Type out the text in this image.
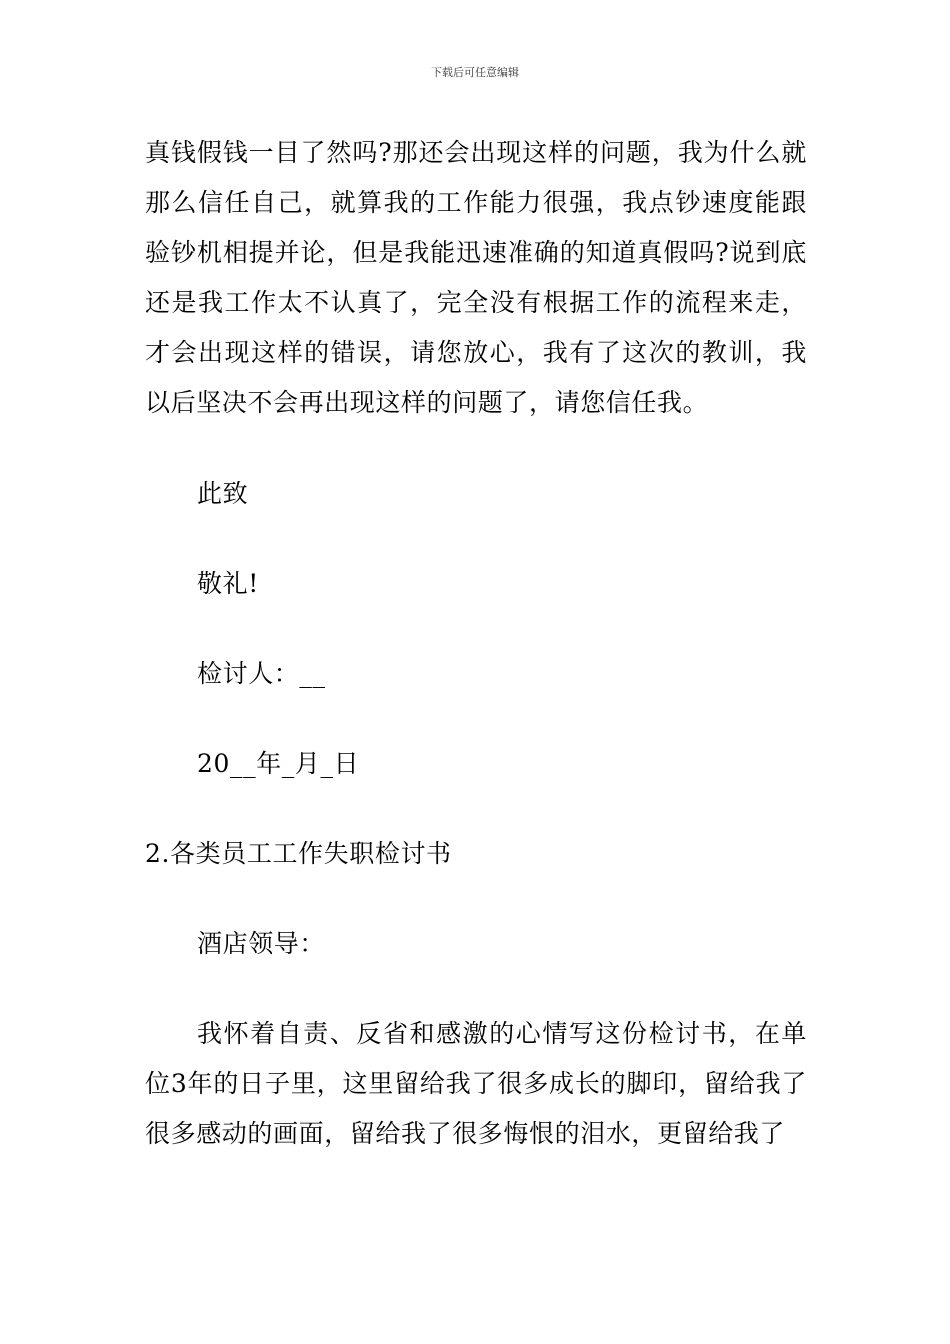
下载后可任意编辑

真钱假钱一目了然吗?那还会出现这样的问题，我为什么就那么信任自己，就算我的工作能力很强，我点钞速度能跟验钞机相提并论，但是我能迅速准确的知道真假吗?说到底还是我工作太不认真了，完全没有根据工作的流程来走，才会出现这样的错误，请您放心，我有了这次的教训，我以后坚决不会再出现这样的问题了，请您信任我。

此致

敬礼!

检讨人：__

20__年_月_日

2.各类员工工作失职检讨书

酒店领导：

我怀着自责、反省和感激的心情写这份检讨书，在单位3年的日子里，这里留给我了很多成长的脚印，留给我了很多感动的画面，留给我了很多悔恨的泪水，更留给我了
